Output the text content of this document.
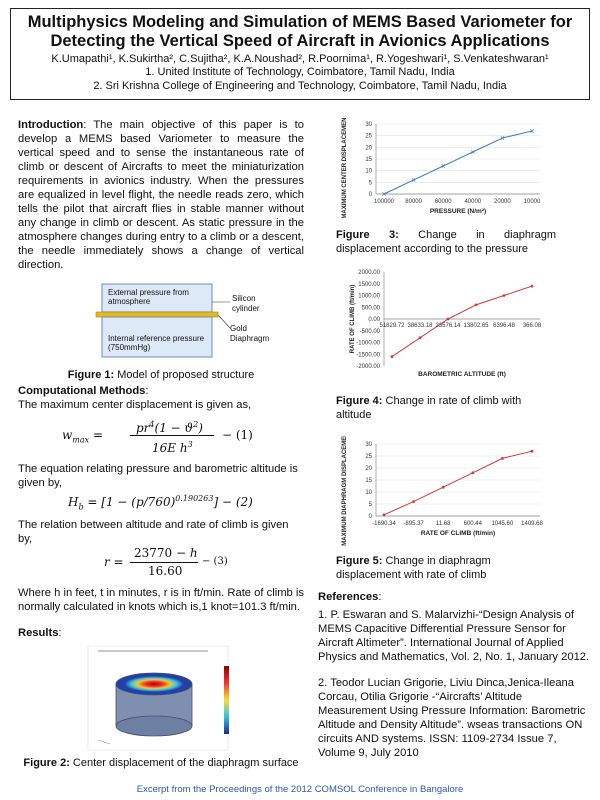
Multiphysics Modeling and Simulation of MEMS Based Variometer for
Detecting the Vertical Speed of Aircraft in Avionics Applications
K.Umapathi¹, K.Sukirtha², C.Sujitha², K.A.Noushad², R.Poornima¹, R.Yogeshwari¹, S.Venkateshwaran¹
1. United Institute of Technology, Coimbatore, Tamil Nadu, India
2. Sri Krishna College of Engineering and Technology, Coimbatore, Tamil Nadu, India

Introduction: The main objective of this paper is to develop a MEMS based Variometer to measure the vertical speed and to sense the instantaneous rate of climb or descent of Aircrafts to meet the miniaturization requirements in avionics industry. When the pressures are equalized in level flight, the needle reads zero, which tells the pilot that aircraft flies in stable manner without any change in climb or descent. As static pressure in the atmosphere changes during entry to a climb or a descent, the needle immediately shows a change of vertical direction.

External pressure from atmosphere	Silicon cylinder
Gold Diaphragm
Internal reference pressure (750mmHg)

Figure 1: Model of proposed structure

Computational Methods:

The maximum center displacement is given as,

$w_{max}$ =	$pr^4(1 - ϑ^2)$
16E $h^3$
− (1)

The equation relating pressure and barometric altitude is given by,

$H_b = [1 - (p/760)^{0.190263}] - (2)$

The relation between altitude and rate of climb is given by,

r =
23770 − h
16.60
− (3)

Where h in feet, t in minutes, r is in ft/min. Rate of climb is normally calculated in knots which is,1 knot=101.3 ft/min.

Results:

Figure 2: Center displacement of the diaphragm surface

0
5
10
15
20
25
30
100000 80000 60000 40000 20000 10000
PRESSURE (N/m²)
MAXIMUM CENTER DISPLACEMENT (µm)

Figure 3: Change in diaphragm displacement according to the pressure

-2000.00
-1500.00
-1000.00
-500.00
0.00
500.00
1000.00
1500.00
2000.00
51829.72 38633.18 23576.14 13802.65 6396.48 366.08
BAROMETRIC ALTITUDE (ft)
RATE OF CLIMB (ft/min)

Figure 4: Change in rate of climb with altitude

0
5
10
15
20
25
30
-1690.34 -895.37 11.68 600.44 1045.60 1409.68
RATE OF CLIMB (ft/min)
MAXIMUM DIAPHRAGM DISPLACEMENT (µm)

Figure 5: Change in diaphragm displacement with rate of climb

References:

1. P. Eswaran and S. Malarvizhi-“Design Analysis of MEMS Capacitive Differential Pressure Sensor for Aircraft Altimeter”. International Journal of Applied Physics and Mathematics, Vol. 2, No. 1, January 2012.

2. Teodor Lucian Grigorie, Liviu Dinca,Jenica-Ileana Corcau, Otilia Grigorie -“Aircrafts’ Altitude Measurement Using Pressure Information: Barometric Altitude and Density Altitude”. wseas transactions ON circuits AND systems. ISSN: 1109-2734 Issue 7, Volume 9, July 2010

Excerpt from the Proceedings of the 2012 COMSOL Conference in Bangalore
